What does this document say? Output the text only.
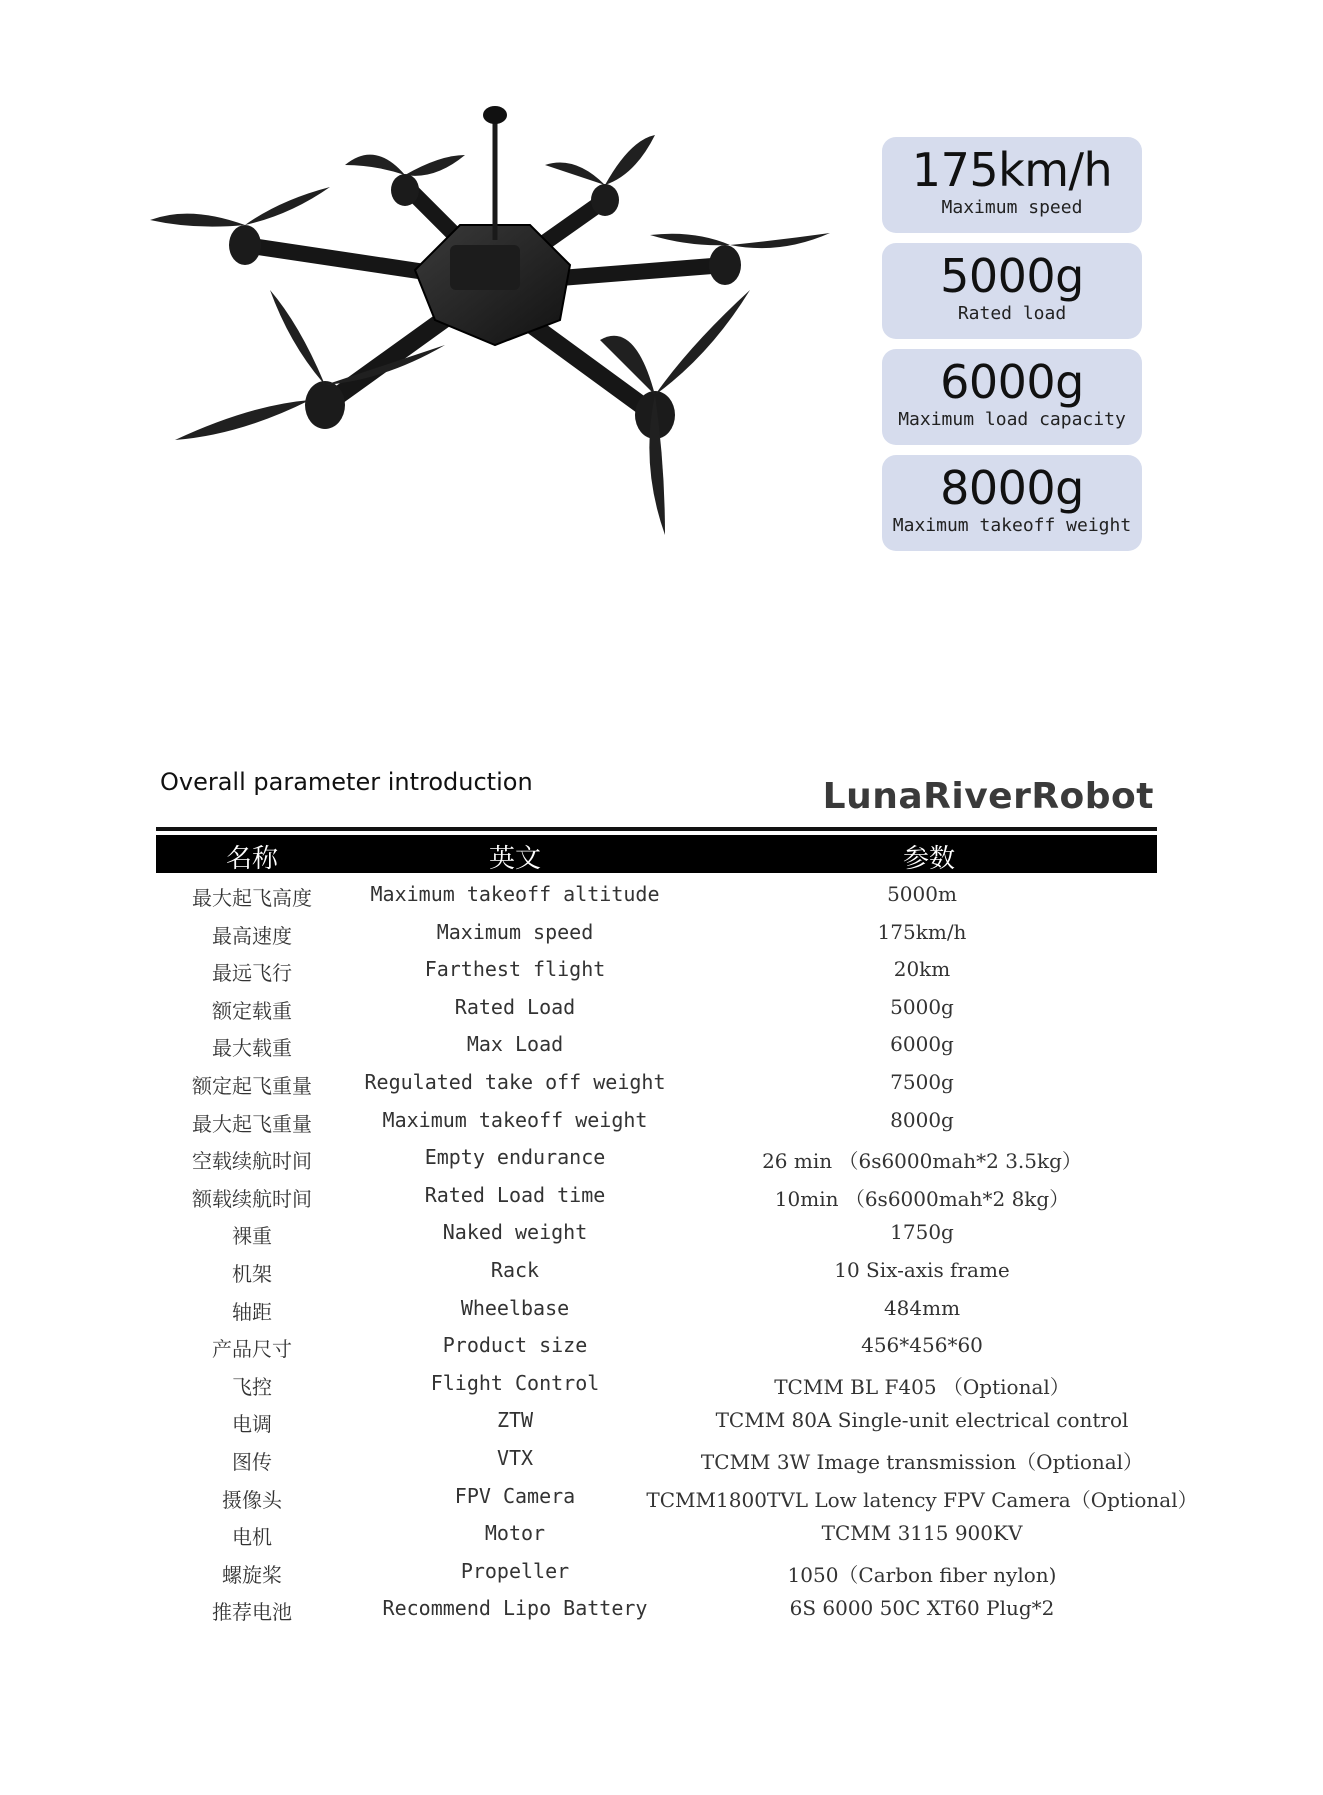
175km/h
Maximum speed
5000g
Rated load
6000g
Maximum load capacity
8000g
Maximum takeoff weight
Overall parameter introduction	LunaRiverRobot
名称	英文	参数
最大起飞高度	Maximum takeoff altitude	5000m
最高速度	Maximum speed	175km/h
最远飞行	Farthest flight	20km
额定载重	Rated Load	5000g
最大载重	Max Load	6000g
额定起飞重量	Regulated take off weight	7500g
最大起飞重量	Maximum takeoff weight	8000g
空载续航时间	Empty endurance	26 min （6s6000mah*2 3.5kg）
额载续航时间	Rated Load time	10min （6s6000mah*2 8kg）
裸重	Naked weight	1750g
机架	Rack	10 Six-axis frame
轴距	Wheelbase	484mm
产品尺寸	Product size	456*456*60
飞控	Flight Control	TCMM BL F405 （Optional）
电调	ZTW	TCMM 80A Single-unit electrical control
图传	VTX	TCMM 3W Image transmission（Optional）
摄像头	FPV Camera	TCMM1800TVL Low latency FPV Camera（Optional）
电机	Motor	TCMM 3115 900KV
螺旋桨	Propeller	1050（Carbon fiber nylon)
推荐电池	Recommend Lipo Battery	6S 6000 50C XT60 Plug*2
